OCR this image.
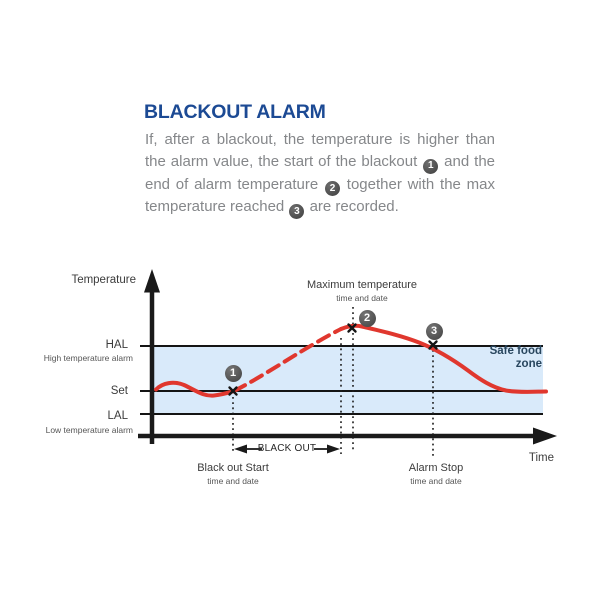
BLACKOUT ALARM

If, after a blackout, the temperature is higher than the alarm value, the start of the blackout 1 and the end of alarm temperature 2 together with the max temperature reached 3 are recorded.

Temperature

HAL

High temperature alarm

Set

LAL

Low temperature alarm

Time

Safe food
zone

Maximum temperature

time and date

BLACK OUT

Black out Start

time and date

Alarm Stop

time and date

1
2
3
